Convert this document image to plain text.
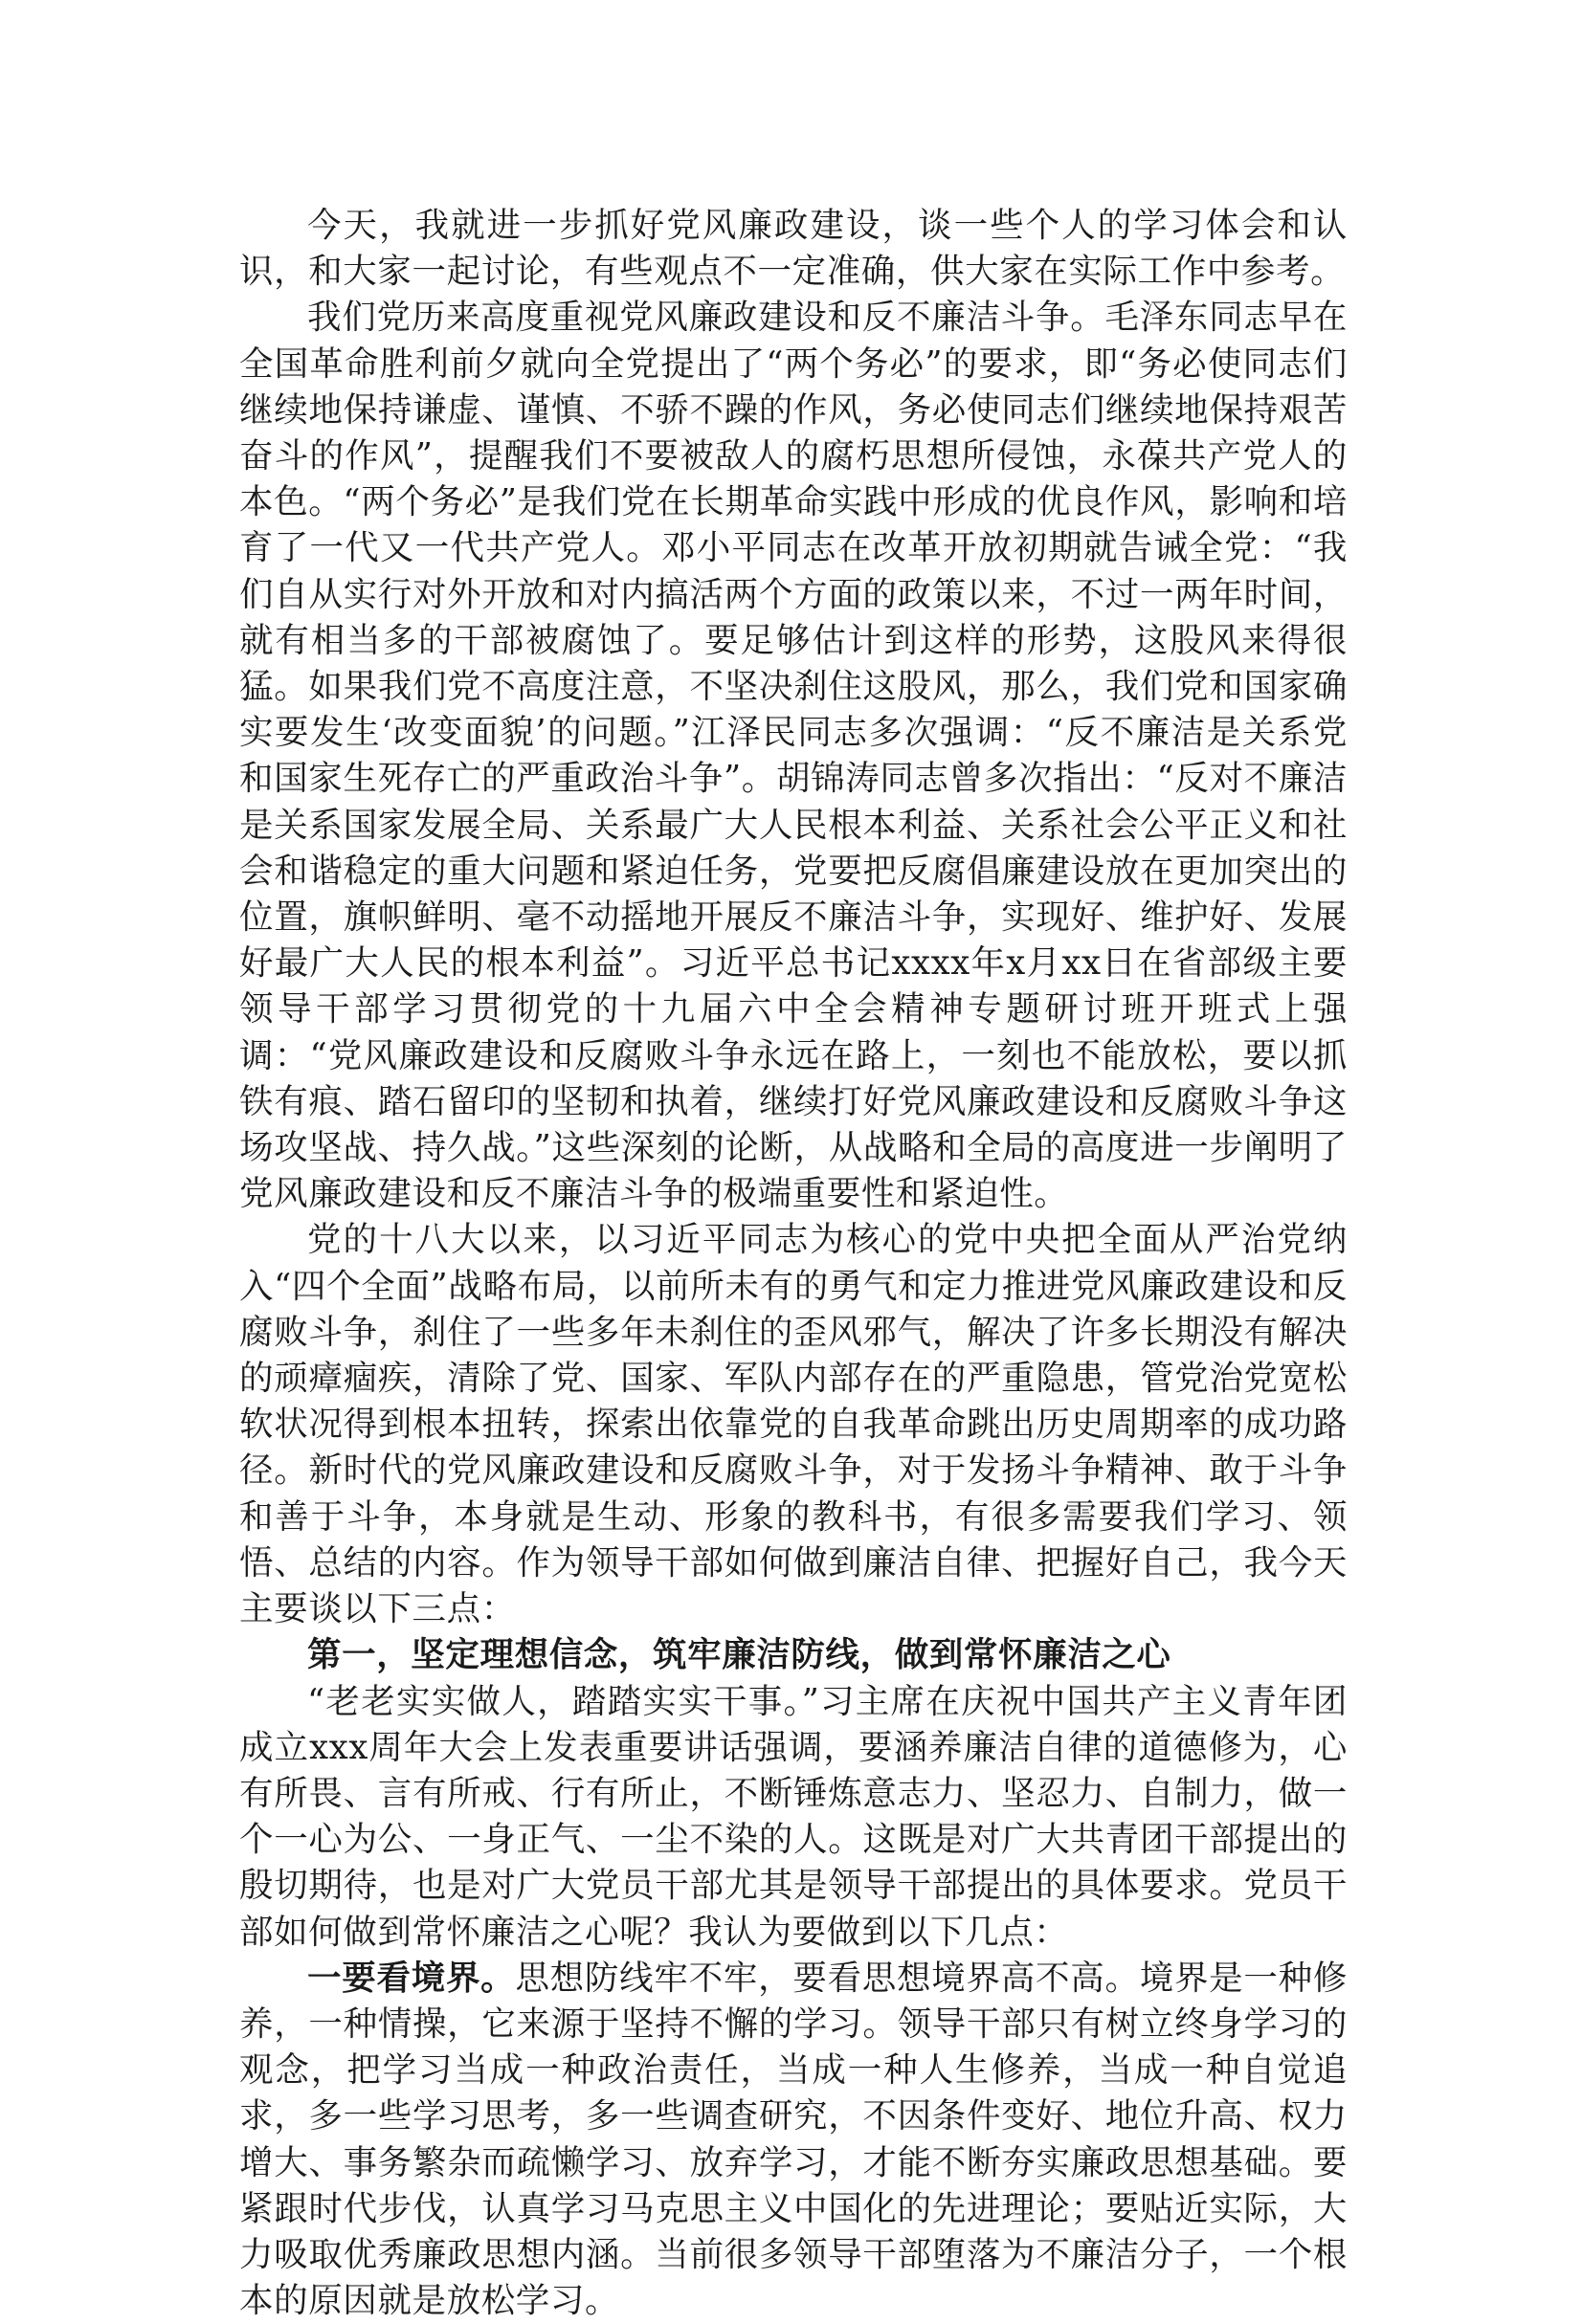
今天，我就进一步抓好党风廉政建设，谈一些个人的学习体会和认识，和大家一起讨论，有些观点不一定准确，供大家在实际工作中参考。

我们党历来高度重视党风廉政建设和反不廉洁斗争。毛泽东同志早在全国革命胜利前夕就向全党提出了“两个务必”的要求，即“务必使同志们继续地保持谦虚、谨慎、不骄不躁的作风，务必使同志们继续地保持艰苦奋斗的作风”，提醒我们不要被敌人的腐朽思想所侵蚀，永葆共产党人的本色。“两个务必”是我们党在长期革命实践中形成的优良作风，影响和培育了一代又一代共产党人。邓小平同志在改革开放初期就告诫全党：“我们自从实行对外开放和对内搞活两个方面的政策以来，不过一两年时间，就有相当多的干部被腐蚀了。要足够估计到这样的形势，这股风来得很猛。如果我们党不高度注意，不坚决刹住这股风，那么，我们党和国家确实要发生‘改变面貌’的问题。”江泽民同志多次强调：“反不廉洁是关系党和国家生死存亡的严重政治斗争”。胡锦涛同志曾多次指出：“反对不廉洁是关系国家发展全局、关系最广大人民根本利益、关系社会公平正义和社会和谐稳定的重大问题和紧迫任务，党要把反腐倡廉建设放在更加突出的位置，旗帜鲜明、毫不动摇地开展反不廉洁斗争，实现好、维护好、发展好最广大人民的根本利益”。习近平总书记xxxx年x月xx日在省部级主要领导干部学习贯彻党的十九届六中全会精神专题研讨班开班式上强调：“党风廉政建设和反腐败斗争永远在路上，一刻也不能放松，要以抓铁有痕、踏石留印的坚韧和执着，继续打好党风廉政建设和反腐败斗争这场攻坚战、持久战。”这些深刻的论断，从战略和全局的高度进一步阐明了党风廉政建设和反不廉洁斗争的极端重要性和紧迫性。

党的十八大以来，以习近平同志为核心的党中央把全面从严治党纳入“四个全面”战略布局，以前所未有的勇气和定力推进党风廉政建设和反腐败斗争，刹住了一些多年未刹住的歪风邪气，解决了许多长期没有解决的顽瘴痼疾，清除了党、国家、军队内部存在的严重隐患，管党治党宽松软状况得到根本扭转，探索出依靠党的自我革命跳出历史周期率的成功路径。新时代的党风廉政建设和反腐败斗争，对于发扬斗争精神、敢于斗争和善于斗争，本身就是生动、形象的教科书，有很多需要我们学习、领悟、总结的内容。作为领导干部如何做到廉洁自律、把握好自己，我今天主要谈以下三点：

第一，坚定理想信念，筑牢廉洁防线，做到常怀廉洁之心

“老老实实做人，踏踏实实干事。”习主席在庆祝中国共产主义青年团成立xxx周年大会上发表重要讲话强调，要涵养廉洁自律的道德修为，心有所畏、言有所戒、行有所止，不断锤炼意志力、坚忍力、自制力，做一个一心为公、一身正气、一尘不染的人。这既是对广大共青团干部提出的殷切期待，也是对广大党员干部尤其是领导干部提出的具体要求。党员干部如何做到常怀廉洁之心呢？我认为要做到以下几点：

一要看境界。思想防线牢不牢，要看思想境界高不高。境界是一种修养，一种情操，它来源于坚持不懈的学习。领导干部只有树立终身学习的观念，把学习当成一种政治责任，当成一种人生修养，当成一种自觉追求，多一些学习思考，多一些调查研究，不因条件变好、地位升高、权力增大、事务繁杂而疏懒学习、放弃学习，才能不断夯实廉政思想基础。要紧跟时代步伐，认真学习马克思主义中国化的先进理论；要贴近实际，大力吸取优秀廉政思想内涵。当前很多领导干部堕落为不廉洁分子，一个根本的原因就是放松学习。
